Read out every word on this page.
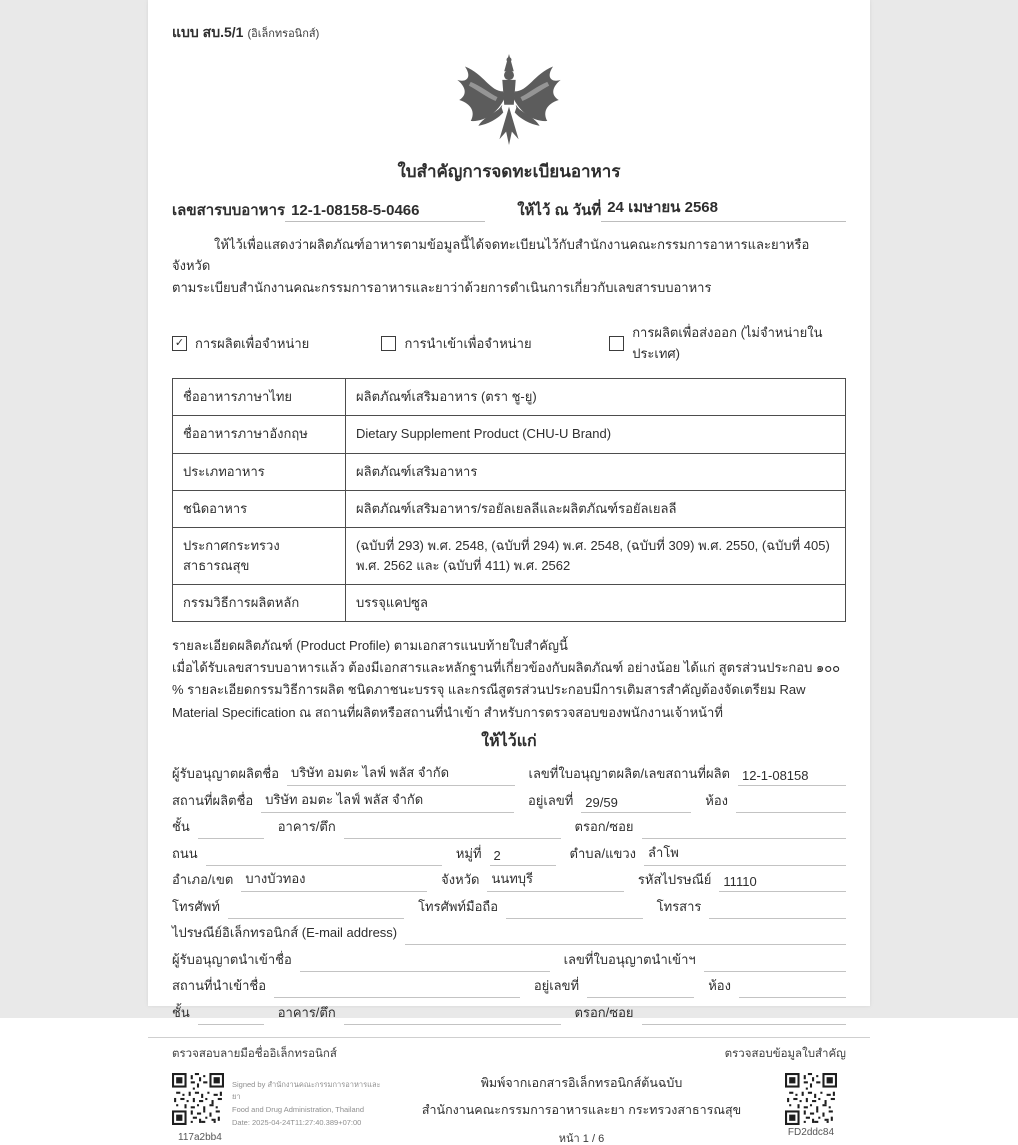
แบบ สบ.5/1 (อิเล็กทรอนิกส์)
ใบสำคัญการจดทะเบียนอาหาร
เลขสารบบอาหาร 12-1-08158-5-0466	ให้ไว้ ณ วันที่ 24 เมษายน 2568
ให้ไว้เพื่อแสดงว่าผลิตภัณฑ์อาหารตามข้อมูลนี้ได้จดทะเบียนไว้กับสำนักงานคณะกรรมการอาหารและยาหรือจังหวัด
ตามระเบียบสำนักงานคณะกรรมการอาหารและยาว่าด้วยการดำเนินการเกี่ยวกับเลขสารบบอาหาร
✓ การผลิตเพื่อจำหน่าย	การนำเข้าเพื่อจำหน่าย
การผลิตเพื่อส่งออก (ไม่จำหน่ายในประเทศ)
ชื่ออาหารภาษาไทย	ผลิตภัณฑ์เสริมอาหาร (ตรา ชู-ยู)
ชื่ออาหารภาษาอังกฤษ	Dietary Supplement Product (CHU-U Brand)
ประเภทอาหาร	ผลิตภัณฑ์เสริมอาหาร
ชนิดอาหาร	ผลิตภัณฑ์เสริมอาหาร/รอยัลเยลลีและผลิตภัณฑ์รอยัลเยลลี
ประกาศกระทรวงสาธารณสุข	(ฉบับที่ 293) พ.ศ. 2548, (ฉบับที่ 294) พ.ศ. 2548, (ฉบับที่ 309) พ.ศ. 2550, (ฉบับที่ 405) พ.ศ. 2562 และ (ฉบับที่ 411) พ.ศ. 2562
กรรมวิธีการผลิตหลัก	บรรจุแคปซูล
รายละเอียดผลิตภัณฑ์ (Product Profile) ตามเอกสารแนบท้ายใบสำคัญนี้
เมื่อได้รับเลขสารบบอาหารแล้ว ต้องมีเอกสารและหลักฐานที่เกี่ยวข้องกับผลิตภัณฑ์ อย่างน้อย ได้แก่ สูตรส่วนประกอบ ๑๐๐ % รายละเอียดกรรมวิธีการผลิต ชนิดภาชนะบรรจุ และกรณีสูตรส่วนประกอบมีการเติมสารสำคัญต้องจัดเตรียม Raw Material Specification ณ สถานที่ผลิตหรือสถานที่นำเข้า สำหรับการตรวจสอบของพนักงานเจ้าหน้าที่
ให้ไว้แก่
ผู้รับอนุญาตผลิตชื่อ บริษัท อมตะ ไลฟ์ พลัส จำกัด	เลขที่ใบอนุญาตผลิต/เลขสถานที่ผลิต 12-1-08158
สถานที่ผลิตชื่อ บริษัท อมตะ ไลฟ์ พลัส จำกัด	อยู่เลขที่ 29/59	ห้อง
ชั้น	อาคาร/ตึก	ตรอก/ซอย
ถนน	หมู่ที่ 2	ตำบล/แขวง ลำโพ
อำเภอ/เขต บางบัวทอง	จังหวัด นนทบุรี	รหัสไปรษณีย์ 11110
โทรศัพท์	โทรศัพท์มือถือ	โทรสาร
ไปรษณีย์อิเล็กทรอนิกส์ (E-mail address)
ผู้รับอนุญาตนำเข้าชื่อ	เลขที่ใบอนุญาตนำเข้าฯ
สถานที่นำเข้าชื่อ	อยู่เลขที่	ห้อง
ชั้น	อาคาร/ตึก	ตรอก/ซอย
ตรวจสอบลายมือชื่ออิเล็กทรอนิกส์	ตรวจสอบข้อมูลใบสำคัญ
Signed by สำนักงานคณะกรรมการอาหารและยา
Food and Drug Administration, Thailand
Date: 2025-04-24T11:27:40.389+07:00
117a2bb4
พิมพ์จากเอกสารอิเล็กทรอนิกส์ต้นฉบับ
สำนักงานคณะกรรมการอาหารและยา กระทรวงสาธารณสุข
หน้า 1 / 6
FD2ddc84
